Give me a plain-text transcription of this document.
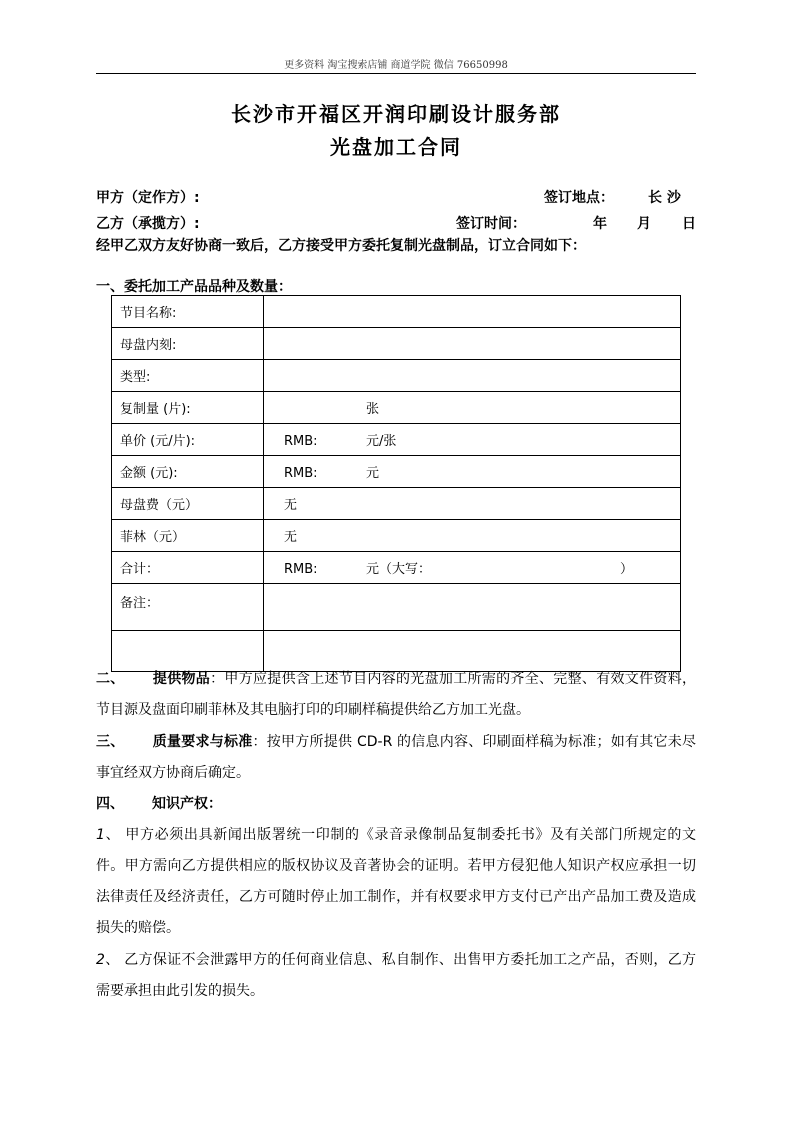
更多资料 淘宝搜索店铺 商道学院 微信 76650998
长沙市开福区开润印刷设计服务部
光盘加工合同
甲方（定作方）:	签订地点： 长 沙
乙方（承揽方）:	签订时间：	年 月 日
经甲乙双方友好协商一致后，乙方接受甲方委托复制光盘制品，订立合同如下：
一、委托加工产品品种及数量：
节目名称:	
母盘内刻:	
类型:	
复制量 (片):	张
单价 (元/片):	RMB: 元/张
金额 (元):	RMB: 元
母盘费（元）	无
菲林（元）	无
合计：	RMB: 元（大写： ）
备注：	

二、 提供物品：甲方应提供含上述节目内容的光盘加工所需的齐全、完整、有效文件资料，节目源及盘面印刷菲林及其电脑打印的印刷样稿提供给乙方加工光盘。
三、 质量要求与标准：按甲方所提供 CD-R 的信息内容、印刷面样稿为标准；如有其它未尽事宜经双方协商后确定。
四、 知识产权：
1、 甲方必须出具新闻出版署统一印制的《录音录像制品复制委托书》及有关部门所规定的文件。甲方需向乙方提供相应的版权协议及音著协会的证明。若甲方侵犯他人知识产权应承担一切法律责任及经济责任，乙方可随时停止加工制作，并有权要求甲方支付已产出产品加工费及造成损失的赔偿。
2、 乙方保证不会泄露甲方的任何商业信息、私自制作、出售甲方委托加工之产品，否则，乙方需要承担由此引发的损失。
